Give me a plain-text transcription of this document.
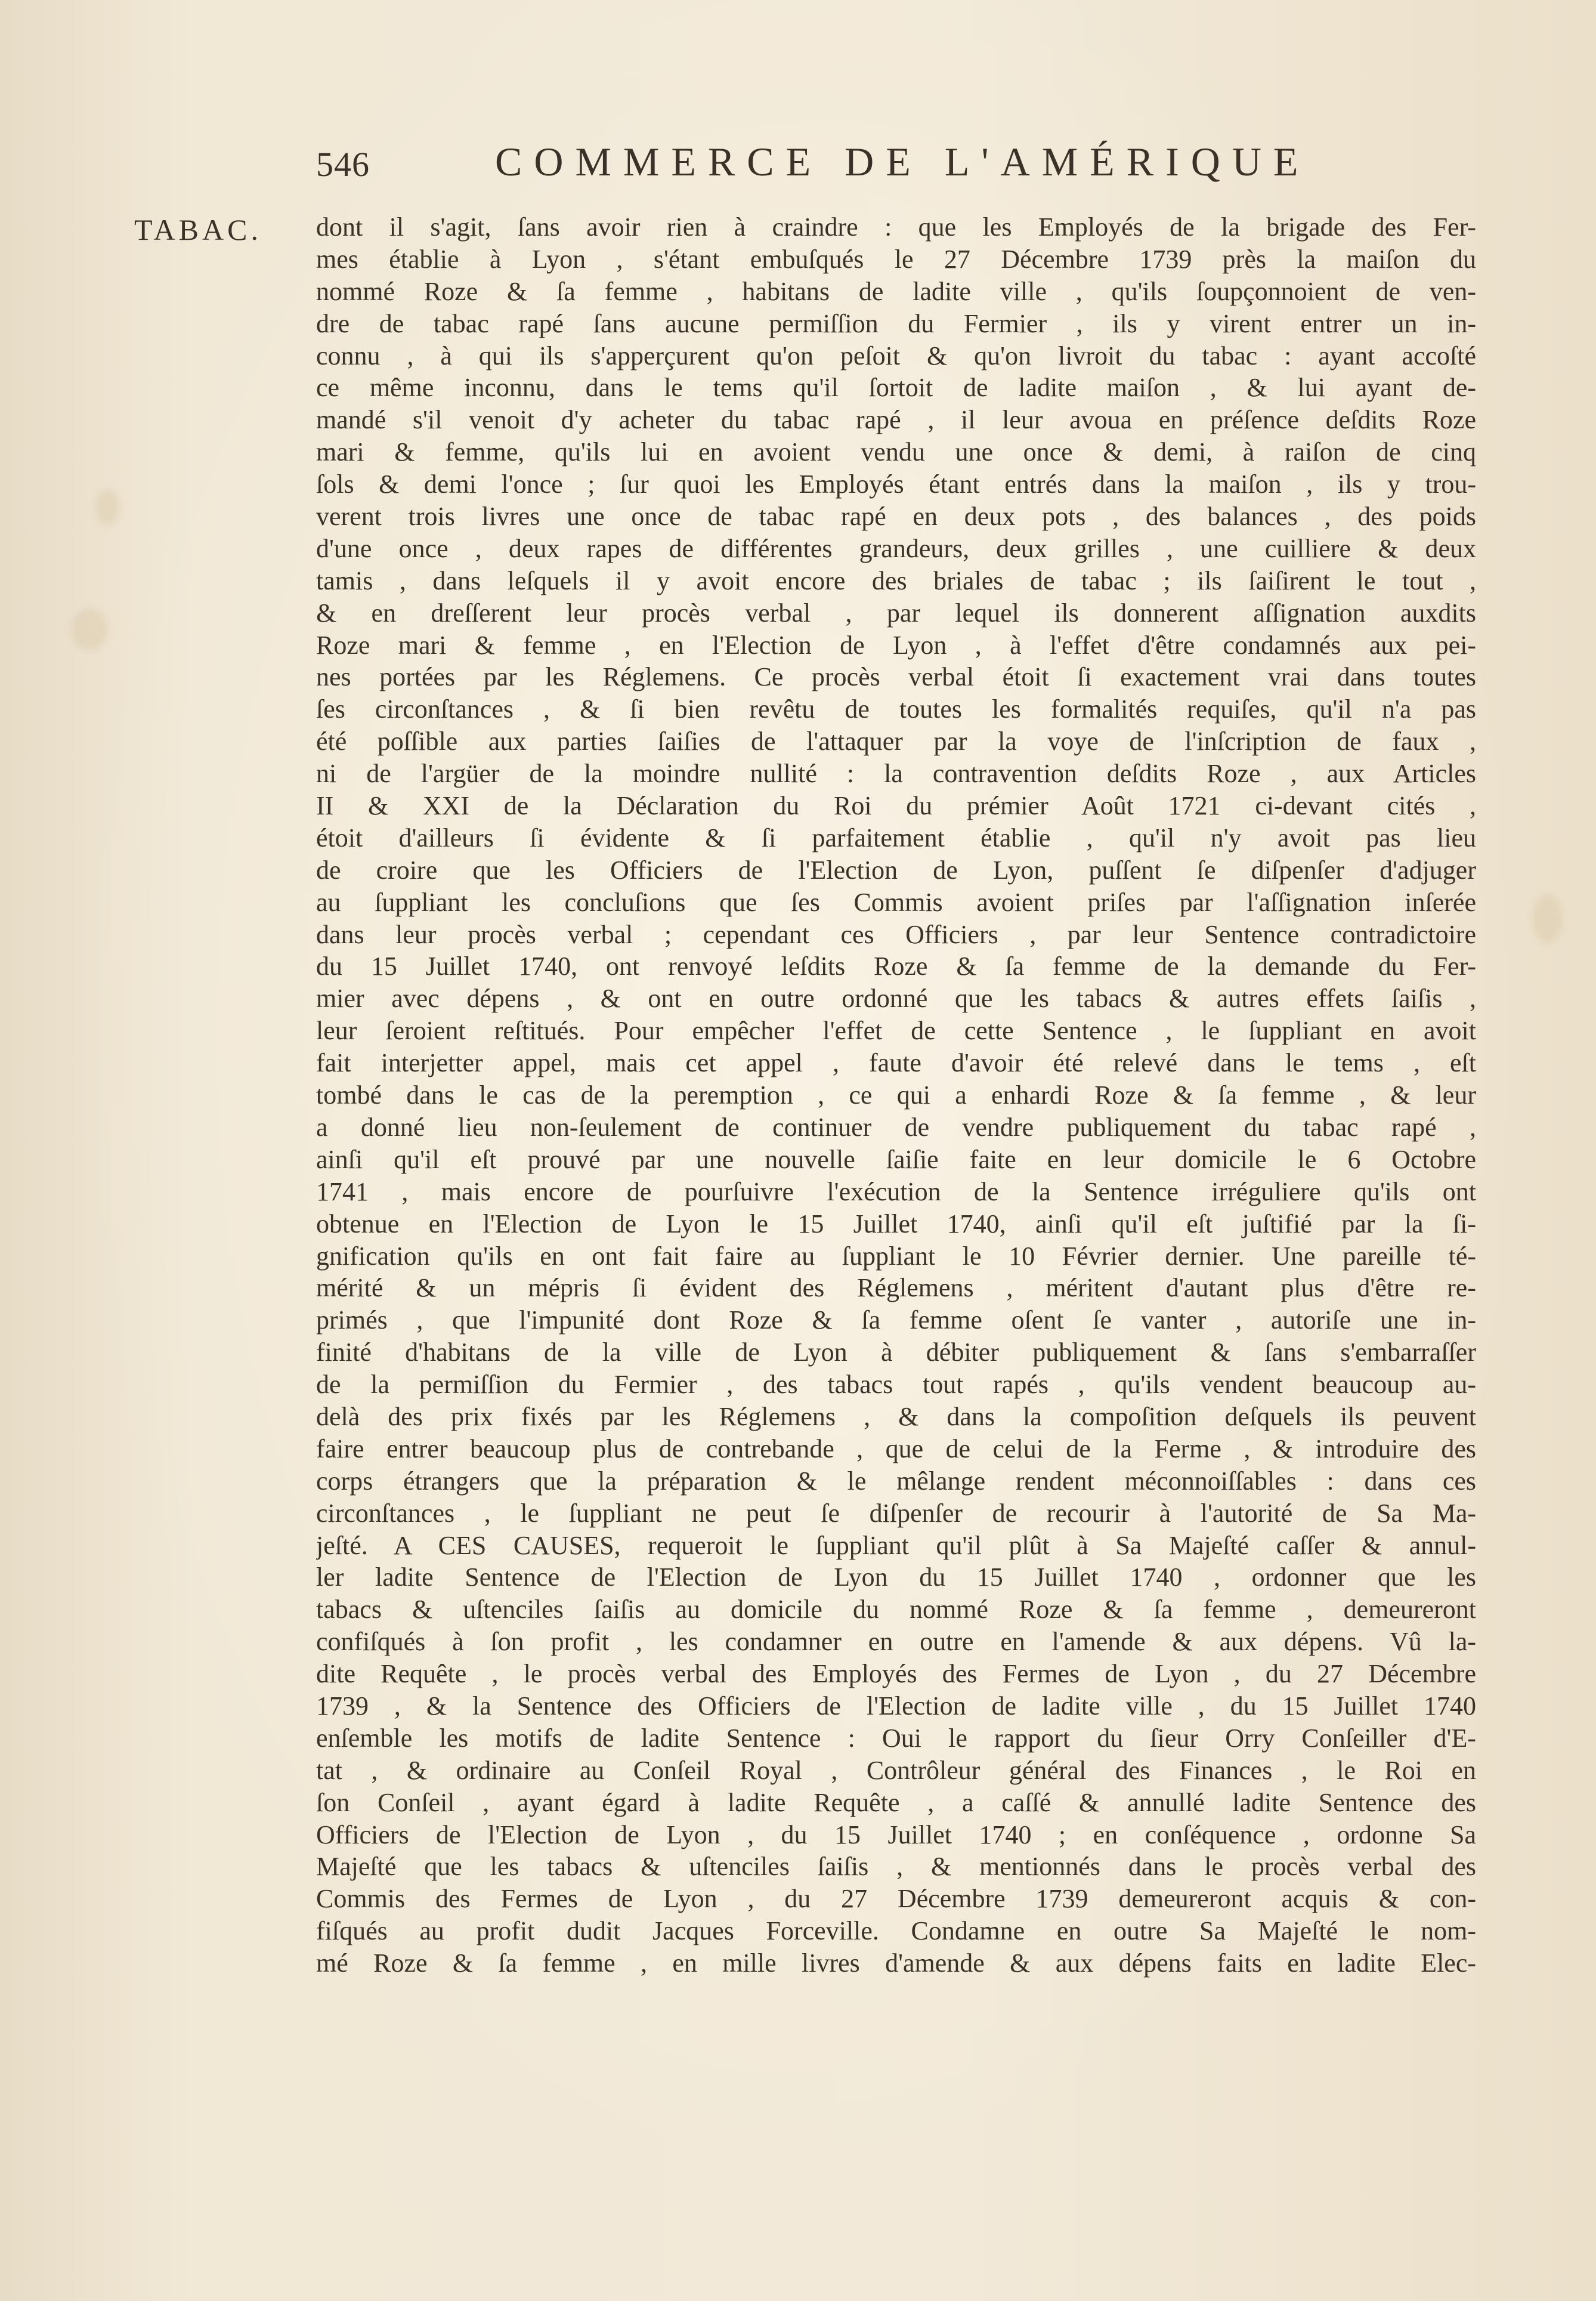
546	COMMERCE DE L'AMÉRIQUE
TABAC. dont il s'agit, ſans avoir rien à craindre : que les Employés de la brigade des Fer-
mes établie à Lyon , s'étant embuſqués le 27 Décembre 1739 près la maiſon du
nommé Roze & ſa femme , habitans de ladite ville , qu'ils ſoupçonnoient de ven-
dre de tabac rapé ſans aucune permiſſion du Fermier , ils y virent entrer un in-
connu , à qui ils s'apperçurent qu'on peſoit & qu'on livroit du tabac : ayant accoſté
ce même inconnu, dans le tems qu'il ſortoit de ladite maiſon , & lui ayant de-
mandé s'il venoit d'y acheter du tabac rapé , il leur avoua en préſence deſdits Roze
mari & femme, qu'ils lui en avoient vendu une once & demi, à raiſon de cinq
ſols & demi l'once ; ſur quoi les Employés étant entrés dans la maiſon , ils y trou-
verent trois livres une once de tabac rapé en deux pots , des balances , des poids
d'une once , deux rapes de différentes grandeurs, deux grilles , une cuilliere & deux
tamis , dans leſquels il y avoit encore des briales de tabac ; ils ſaiſirent le tout ,
& en dreſſerent leur procès verbal , par lequel ils donnerent aſſignation auxdits
Roze mari & femme , en l'Election de Lyon , à l'effet d'être condamnés aux pei-
nes portées par les Réglemens. Ce procès verbal étoit ſi exactement vrai dans toutes
ſes circonſtances , & ſi bien revêtu de toutes les formalités requiſes, qu'il n'a pas
été poſſible aux parties ſaiſies de l'attaquer par la voye de l'inſcription de faux ,
ni de l'argüer de la moindre nullité : la contravention deſdits Roze , aux Articles
II & XXI de la Déclaration du Roi du prémier Août 1721 ci-devant cités ,
étoit d'ailleurs ſi évidente & ſi parfaitement établie , qu'il n'y avoit pas lieu
de croire que les Officiers de l'Election de Lyon, puſſent ſe diſpenſer d'adjuger
au ſuppliant les concluſions que ſes Commis avoient priſes par l'aſſignation inſerée
dans leur procès verbal ; cependant ces Officiers , par leur Sentence contradictoire
du 15 Juillet 1740, ont renvoyé leſdits Roze & ſa femme de la demande du Fer-
mier avec dépens , & ont en outre ordonné que les tabacs & autres effets ſaiſis ,
leur ſeroient reſtitués. Pour empêcher l'effet de cette Sentence , le ſuppliant en avoit
fait interjetter appel, mais cet appel , faute d'avoir été relevé dans le tems , eſt
tombé dans le cas de la peremption , ce qui a enhardi Roze & ſa femme , & leur
a donné lieu non-ſeulement de continuer de vendre publiquement du tabac rapé ,
ainſi qu'il eſt prouvé par une nouvelle ſaiſie faite en leur domicile le 6 Octobre
1741 , mais encore de pourſuivre l'exécution de la Sentence irréguliere qu'ils ont
obtenue en l'Election de Lyon le 15 Juillet 1740, ainſi qu'il eſt juſtifié par la ſi-
gnification qu'ils en ont fait faire au ſuppliant le 10 Février dernier. Une pareille té-
mérité & un mépris ſi évident des Réglemens , méritent d'autant plus d'être re-
primés , que l'impunité dont Roze & ſa femme oſent ſe vanter , autoriſe une in-
finité d'habitans de la ville de Lyon à débiter publiquement & ſans s'embarraſſer
de la permiſſion du Fermier , des tabacs tout rapés , qu'ils vendent beaucoup au-
delà des prix fixés par les Réglemens , & dans la compoſition deſquels ils peuvent
faire entrer beaucoup plus de contrebande , que de celui de la Ferme , & introduire des
corps étrangers que la préparation & le mêlange rendent méconnoiſſables : dans ces
circonſtances , le ſuppliant ne peut ſe diſpenſer de recourir à l'autorité de Sa Ma-
jeſté. A CES CAUSES, requeroit le ſuppliant qu'il plût à Sa Majeſté caſſer & annul-
ler ladite Sentence de l'Election de Lyon du 15 Juillet 1740 , ordonner que les
tabacs & uſtenciles ſaiſis au domicile du nommé Roze & ſa femme , demeureront
confiſqués à ſon profit , les condamner en outre en l'amende & aux dépens. Vû la-
dite Requête , le procès verbal des Employés des Fermes de Lyon , du 27 Décembre
1739 , & la Sentence des Officiers de l'Election de ladite ville , du 15 Juillet 1740
enſemble les motifs de ladite Sentence : Oui le rapport du ſieur Orry Conſeiller d'E-
tat , & ordinaire au Conſeil Royal , Contrôleur général des Finances , le Roi en
ſon Conſeil , ayant égard à ladite Requête , a caſſé & annullé ladite Sentence des
Officiers de l'Election de Lyon , du 15 Juillet 1740 ; en conſéquence , ordonne Sa
Majeſté que les tabacs & uſtenciles ſaiſis , & mentionnés dans le procès verbal des
Commis des Fermes de Lyon , du 27 Décembre 1739 demeureront acquis & con-
fiſqués au profit dudit Jacques Forceville. Condamne en outre Sa Majeſté le nom-
mé Roze & ſa femme , en mille livres d'amende & aux dépens faits en ladite Elec-
